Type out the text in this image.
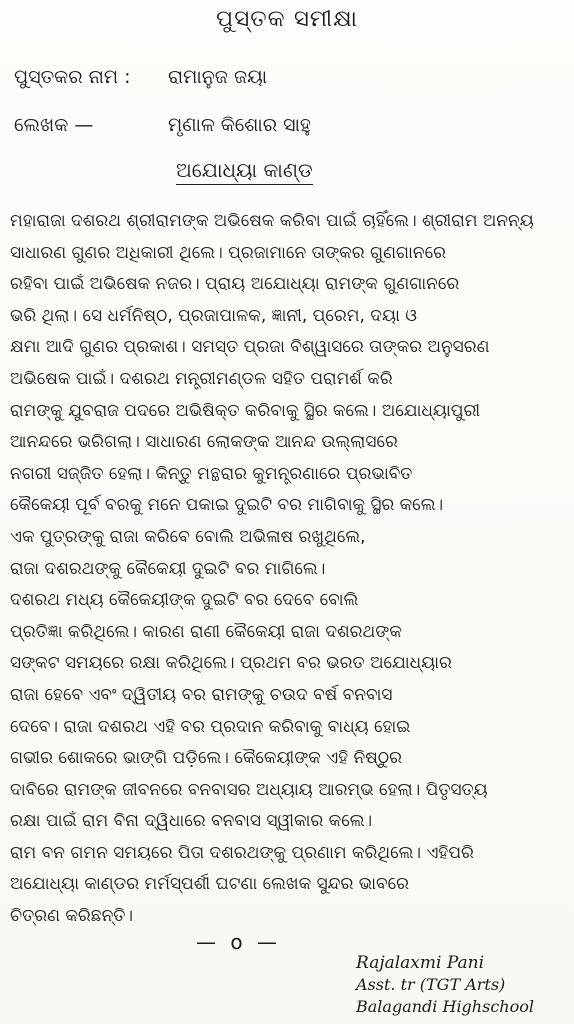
ପୁସ୍ତକ ସମୀକ୍ଷା
ପୁସ୍ତକର ନାମ : ରାମାନୁଜ ଜୟା
ଲେଖକ —	ମୃଣାଳ କିଶୋର ସାହୁ
ଅଯୋଧ୍ୟା କାଣ୍ଡ
ମହାରାଜା ଦଶରଥ ଶ୍ରୀରାମଙ୍କ ଅଭିଷେକ କରିବା ପାଇଁ ଚାହିଁଲେ। ଶ୍ରୀରାମ ଅନନ୍ୟ
ସାଧାରଣ ଗୁଣର ଅଧିକାରୀ ଥିଲେ। ପ୍ରଜାମାନେ ତାଙ୍କର ଗୁଣଗାନରେ
ରହିବା ପାଇଁ ଅଭିଷେକ ନଜର। ପ୍ରାୟ ଅଯୋଧ୍ୟା ରାମଙ୍କ ଗୁଣଗାନରେ
ଭରି ଥିଲା। ସେ ଧର୍ମନିଷ୍ଠ, ପ୍ରଜାପାଳକ, ଜ୍ଞାନୀ, ପ୍ରେମ, ଦୟା ଓ
କ୍ଷମା ଆଦି ଗୁଣର ପ୍ରକାଶ। ସମସ୍ତ ପ୍ରଜା ବିଶ୍ୱାସରେ ତାଙ୍କର ଅନୁସରଣ
ଅଭିଷେକ ପାଇଁ। ଦଶରଥ ମନ୍ତ୍ରୀମଣ୍ଡଳ ସହିତ ପରାମର୍ଶ କରି
ରାମଙ୍କୁ ଯୁବରାଜ ପଦରେ ଅଭିଷିକ୍ତ କରିବାକୁ ସ୍ଥିର କଲେ। ଅଯୋଧ୍ୟାପୁରୀ
ଆନନ୍ଦରେ ଭରିଗଲା। ସାଧାରଣ ଲୋକଙ୍କ ଆନନ୍ଦ ଉଲ୍ଲାସରେ
ନଗରୀ ସଜ୍ଜିତ ହେଲା। କିନ୍ତୁ ମନ୍ଥରାର କୁମନ୍ତ୍ରଣାରେ ପ୍ରଭାବିତ
କୈକେୟୀ ପୂର୍ବ ବରକୁ ମନେ ପକାଇ ଦୁଇଟି ବର ମାଗିବାକୁ ସ୍ଥିର କଲେ।
ଏକ ପୁତ୍ରଙ୍କୁ ରାଜା କରିବେ ବୋଲି ଅଭିଳାଷ ରଖୁଥିଲେ,
ରାଜା ଦଶରଥଙ୍କୁ କୈକେୟୀ ଦୁଇଟି ବର ମାଗିଲେ।
ଦଶରଥ ମଧ୍ୟ କୈକେୟୀଙ୍କ ଦୁଇଟି ବର ଦେବେ ବୋଲି
ପ୍ରତିଜ୍ଞା କରିଥିଲେ। କାରଣ ରାଣୀ କୈକେୟୀ ରାଜା ଦଶରଥଙ୍କ
ସଙ୍କଟ ସମୟରେ ରକ୍ଷା କରିଥିଲେ। ପ୍ରଥମ ବର ଭରତ ଅଯୋଧ୍ୟାର
ରାଜା ହେବେ ଏବଂ ଦ୍ୱିତୀୟ ବର ରାମଙ୍କୁ ଚଉଦ ବର୍ଷ ବନବାସ
ଦେବେ। ରାଜା ଦଶରଥ ଏହି ବର ପ୍ରଦାନ କରିବାକୁ ବାଧ୍ୟ ହୋଇ
ଗଭୀର ଶୋକରେ ଭାଙ୍ଗି ପଡ଼ିଲେ। କୈକେୟୀଙ୍କ ଏହି ନିଷ୍ଠୁର
ଦାବିରେ ରାମଙ୍କ ଜୀବନରେ ବନବାସର ଅଧ୍ୟାୟ ଆରମ୍ଭ ହେଲା। ପିତୃସତ୍ୟ
ରକ୍ଷା ପାଇଁ ରାମ ବିନା ଦ୍ୱିଧାରେ ବନବାସ ସ୍ୱୀକାର କଲେ।
ରାମ ବନ ଗମନ ସମୟରେ ପିତା ଦଶରଥଙ୍କୁ ପ୍ରଣାମ କରିଥିଲେ। ଏହିପରି
ଅଯୋଧ୍ୟା କାଣ୍ଡର ମର୍ମସ୍ପର୍ଶୀ ଘଟଣା ଲେଖକ ସୁନ୍ଦର ଭାବରେ
ଚିତ୍ରଣ କରିଛନ୍ତି।
— o —
Rajalaxmi Pani
Asst. tr (TGT Arts)
Balagandi Highschool
